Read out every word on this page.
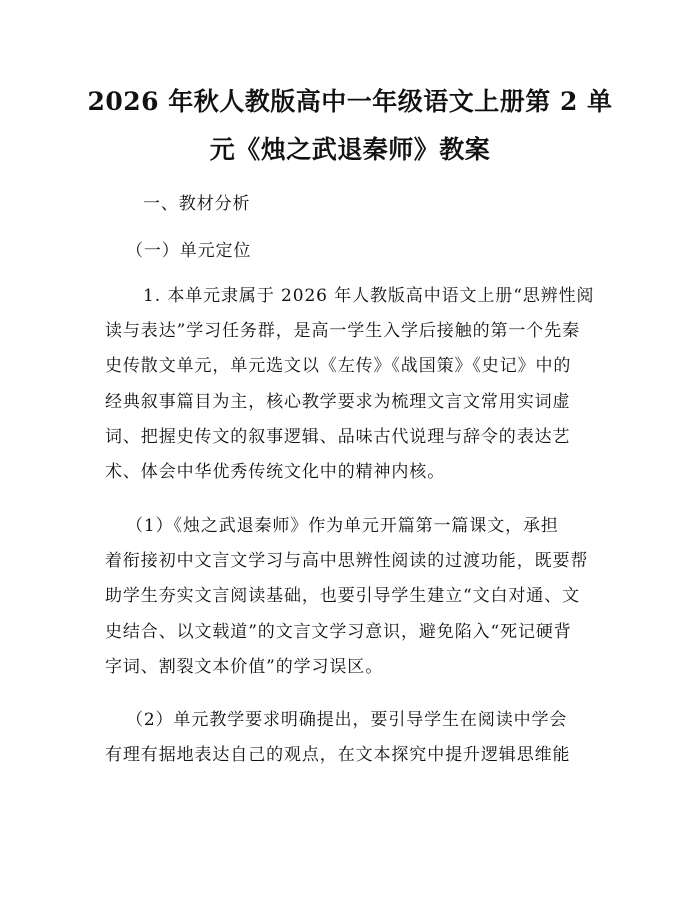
2026 年秋人教版高中一年级语文上册第 2 单
元《烛之武退秦师》教案
一、教材分析
（一）单元定位
1. 本单元隶属于 2026 年人教版高中语文上册“思辨性阅
读与表达”学习任务群，是高一学生入学后接触的第一个先秦
史传散文单元，单元选文以《左传》《战国策》《史记》中的
经典叙事篇目为主，核心教学要求为梳理文言文常用实词虚
词、把握史传文的叙事逻辑、品味古代说理与辞令的表达艺
术、体会中华优秀传统文化中的精神内核。
（1）《烛之武退秦师》作为单元开篇第一篇课文，承担
着衔接初中文言文学习与高中思辨性阅读的过渡功能，既要帮
助学生夯实文言阅读基础，也要引导学生建立“文白对通、文
史结合、以文载道”的文言文学习意识，避免陷入“死记硬背
字词、割裂文本价值”的学习误区。
（2）单元教学要求明确提出，要引导学生在阅读中学会
有理有据地表达自己的观点，在文本探究中提升逻辑思维能
